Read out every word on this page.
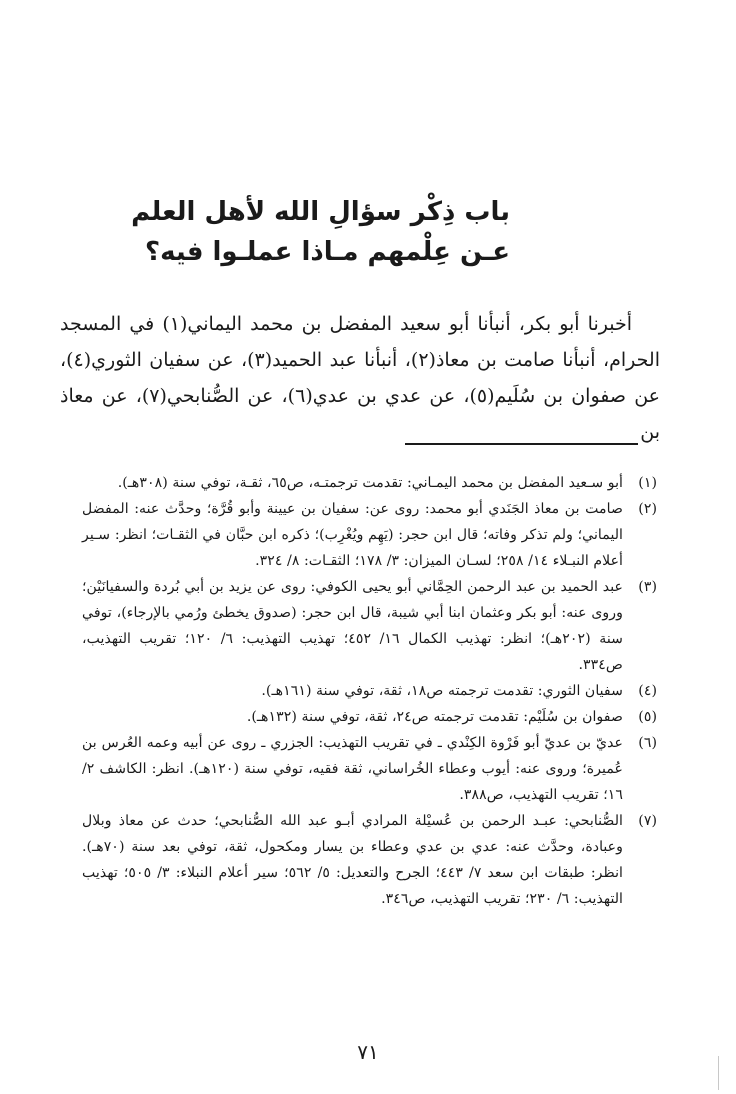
باب ذِكْر سؤالِ الله لأهل العلم
عـن عِلْمهم مـاذا عملـوا فيه؟

أخبرنا أبو بكر، أنبأنا أبو سعيد المفضل بن محمد اليماني(١) في المسجد الحرام، أنبأنا صامت بن معاذ(٢)، أنبأنا عبد الحميد(٣)، عن سفيان الثوري(٤)، عن صفوان بن سُلَيم(٥)، عن عدي بن عدي(٦)، عن الصُّنابحي(٧)، عن معاذ بن

(١)
أبو سـعيد المفضل بن محمد اليمـاني: تقدمت ترجمتـه، ص٦٥، ثقـة، توفي سنة (٣٠٨هـ).
(٢)
صامت بن معاذ الجَنَدي أبو محمد: روى عن: سفيان بن عيينة وأبو قُرَّة؛ وحدَّث عنه: المفضل اليماني؛ ولم تذكر وفاته؛ قال ابن حجر: (يَهِم ويُغْرِب)؛ ذكره ابن حبَّان في الثقـات؛ انظر: سـير أعلام النبـلاء ١٤/ ٢٥٨؛ لسـان الميزان: ٣/ ١٧٨؛ الثقـات: ٨/ ٣٢٤.
(٣)
عبد الحميد بن عبد الرحمن الحِمَّاني أبو يحيى الكوفي: روى عن يزيد بن أبي بُردة والسفيانَيْن؛ وروى عنه: أبو بكر وعثمان ابنا أبي شيبة، قال ابن حجر: (صدوق يخطئ ورُمي بالإرجاء)، توفي سنة (٢٠٢هـ)؛ انظر: تهذيب الكمال ١٦/ ٤٥٢؛ تهذيب التهذيب: ٦/ ١٢٠؛ تقريب التهذيب، ص٣٣٤.
(٤)
سفيان الثوري: تقدمت ترجمته ص١٨، ثقة، توفي سنة (١٦١هـ).
(٥)
صفوان بن سُلَيْم: تقدمت ترجمته ص٢٤، ثقة، توفي سنة (١٣٢هـ).
(٦)
عديّ بن عديّ أبو فَرْوة الكِنْدي ـ في تقريب التهذيب: الجزري ـ روى عن أبيه وعمه العُرس بن عُميرة؛ وروى عنه: أيوب وعطاء الخُراساني، ثقة فقيه، توفي سنة (١٢٠هـ). انظر: الكاشف ٢/ ١٦؛ تقريب التهذيب، ص٣٨٨.
(٧)
الصُّنابحي: عبـد الرحمن بن عُسيْلة المرادي أبـو عبد الله الصُّنابحي؛ حدث عن معاذ وبلال وعبادة، وحدَّث عنه: عدي بن عدي وعطاء بن يسار ومكحول، ثقة، توفي بعد سنة (٧٠هـ). انظر: طبقات ابن سعد ٧/ ٤٤٣؛ الجرح والتعديل: ٥/ ٥٦٢؛ سير أعلام النبلاء: ٣/ ٥٠٥؛ تهذيب التهذيب: ٦/ ٢٣٠؛ تقريب التهذيب، ص٣٤٦.
٧١
